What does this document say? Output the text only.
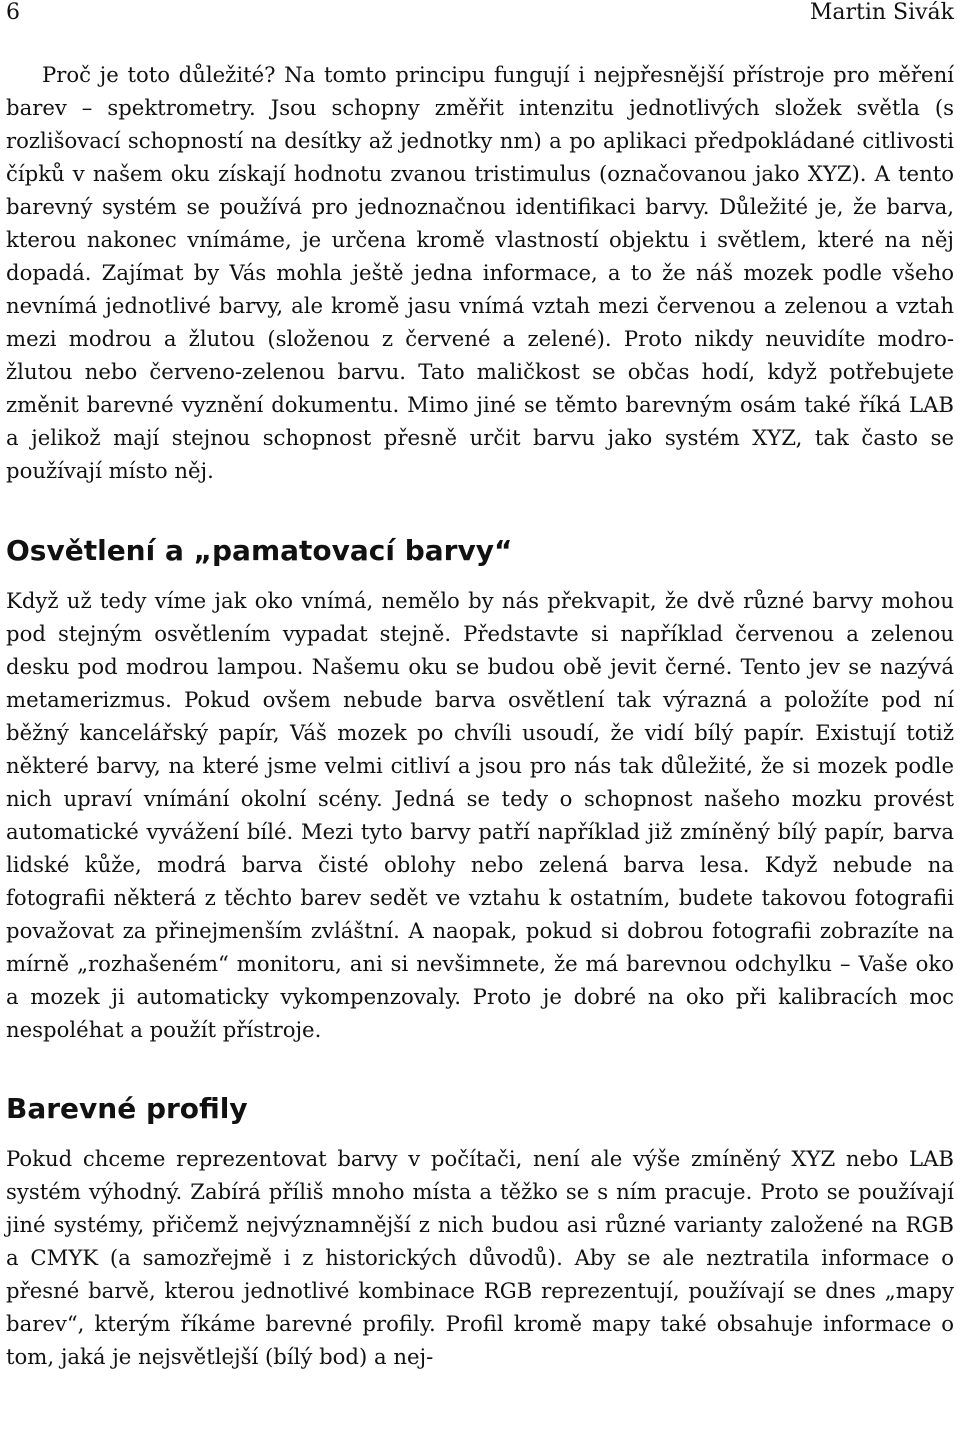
6	Martin Sivák

Proč je toto důležité? Na tomto principu fungují i nejpřesnější přístroje pro měření barev – spektrometry. Jsou schopny změřit intenzitu jednotlivých složek světla (s rozlišovací schopností na desítky až jednotky nm) a po aplikaci předpokládané citlivosti čípků v našem oku získají hodnotu zvanou tristimulus (označovanou jako XYZ). A tento barevný systém se používá pro jednoznačnou identifikaci barvy. Důležité je, že barva, kterou nakonec vnímáme, je určena kromě vlastností objektu i světlem, které na něj dopadá. Zajímat by Vás mohla ještě jedna informace, a to že náš mozek podle všeho nevnímá jednotlivé barvy, ale kromě jasu vnímá vztah mezi červenou a zelenou a vztah mezi modrou a žlutou (složenou z červené a zelené). Proto nikdy neuvidíte modro-žlutou nebo červeno-zelenou barvu. Tato maličkost se občas hodí, když potřebujete změnit barevné vyznění dokumentu. Mimo jiné se těmto barevným osám také říká LAB a jelikož mají stejnou schopnost přesně určit barvu jako systém XYZ, tak často se používají místo něj.

Osvětlení a „pamatovací barvy“

Když už tedy víme jak oko vnímá, nemělo by nás překvapit, že dvě různé barvy mohou pod stejným osvětlením vypadat stejně. Představte si například červenou a zelenou desku pod modrou lampou. Našemu oku se budou obě jevit černé. Tento jev se nazývá metamerizmus. Pokud ovšem nebude barva osvětlení tak výrazná a položíte pod ní běžný kancelářský papír, Váš mozek po chvíli usoudí, že vidí bílý papír. Existují totiž některé barvy, na které jsme velmi citliví a jsou pro nás tak důležité, že si mozek podle nich upraví vnímání okolní scény. Jedná se tedy o schopnost našeho mozku provést automatické vyvážení bílé. Mezi tyto barvy patří například již zmíněný bílý papír, barva lidské kůže, modrá barva čisté oblohy nebo zelená barva lesa. Když nebude na fotografii některá z těchto barev sedět ve vztahu k ostatním, budete takovou fotografii považovat za přinejmenším zvláštní. A naopak, pokud si dobrou fotografii zobrazíte na mírně „rozhašeném“ monitoru, ani si nevšimnete, že má barevnou odchylku – Vaše oko a mozek ji automaticky vykompenzovaly. Proto je dobré na oko při kalibracích moc nespoléhat a použít přístroje.

Barevné profily

Pokud chceme reprezentovat barvy v počítači, není ale výše zmíněný XYZ nebo LAB systém výhodný. Zabírá příliš mnoho místa a těžko se s ním pracuje. Proto se používají jiné systémy, přičemž nejvýznamnější z nich budou asi různé varianty založené na RGB a CMYK (a samozřejmě i z historických důvodů). Aby se ale neztratila informace o přesné barvě, kterou jednotlivé kombinace RGB reprezentují, používají se dnes „mapy barev“, kterým říkáme barevné profily. Profil kromě mapy také obsahuje informace o tom, jaká je nejsvětlejší (bílý bod) a nej-
